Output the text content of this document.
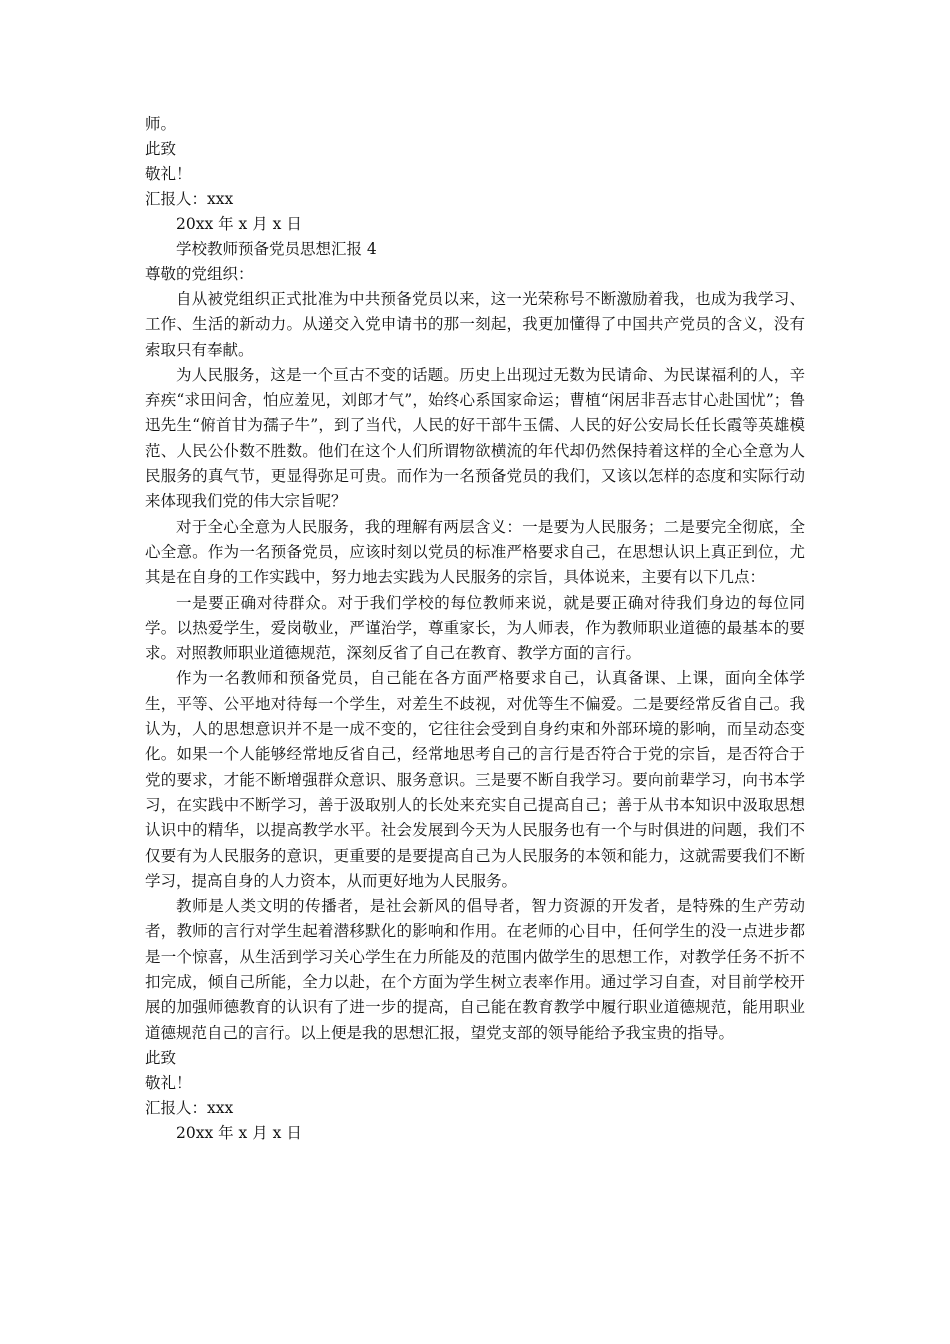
师。
此致
敬礼！
汇报人：xxx
20xx 年 x 月 x 日
学校教师预备党员思想汇报 4
尊敬的党组织：

自从被党组织正式批准为中共预备党员以来，这一光荣称号不断激励着我，也成为我学习、工作、生活的新动力。从递交入党申请书的那一刻起，我更加懂得了中国共产党员的含义，没有索取只有奉献。

为人民服务，这是一个亘古不变的话题。历史上出现过无数为民请命、为民谋福利的人，辛弃疾“求田问舍，怕应羞见，刘郎才气”，始终心系国家命运；曹植“闲居非吾志甘心赴国忧”；鲁迅先生“俯首甘为孺子牛”，到了当代，人民的好干部牛玉儒、人民的好公安局长任长霞等英雄模范、人民公仆数不胜数。他们在这个人们所谓物欲横流的年代却仍然保持着这样的全心全意为人民服务的真气节，更显得弥足可贵。而作为一名预备党员的我们，又该以怎样的态度和实际行动来体现我们党的伟大宗旨呢？

对于全心全意为人民服务，我的理解有两层含义：一是要为人民服务；二是要完全彻底，全心全意。作为一名预备党员，应该时刻以党员的标准严格要求自己，在思想认识上真正到位，尤其是在自身的工作实践中，努力地去实践为人民服务的宗旨，具体说来，主要有以下几点：

一是要正确对待群众。对于我们学校的每位教师来说，就是要正确对待我们身边的每位同学。以热爱学生，爱岗敬业，严谨治学，尊重家长，为人师表，作为教师职业道德的最基本的要求。对照教师职业道德规范，深刻反省了自己在教育、教学方面的言行。

作为一名教师和预备党员，自己能在各方面严格要求自己，认真备课、上课，面向全体学生，平等、公平地对待每一个学生，对差生不歧视，对优等生不偏爱。二是要经常反省自己。我认为，人的思想意识并不是一成不变的，它往往会受到自身约束和外部环境的影响，而呈动态变化。如果一个人能够经常地反省自己，经常地思考自己的言行是否符合于党的宗旨，是否符合于党的要求，才能不断增强群众意识、服务意识。三是要不断自我学习。要向前辈学习，向书本学习，在实践中不断学习，善于汲取别人的长处来充实自己提高自己；善于从书本知识中汲取思想认识中的精华，以提高教学水平。社会发展到今天为人民服务也有一个与时俱进的问题，我们不仅要有为人民服务的意识，更重要的是要提高自己为人民服务的本领和能力，这就需要我们不断学习，提高自身的人力资本，从而更好地为人民服务。

教师是人类文明的传播者，是社会新风的倡导者，智力资源的开发者，是特殊的生产劳动者，教师的言行对学生起着潜移默化的影响和作用。在老师的心目中，任何学生的没一点进步都是一个惊喜，从生活到学习关心学生在力所能及的范围内做学生的思想工作，对教学任务不折不扣完成，倾自己所能，全力以赴，在个方面为学生树立表率作用。通过学习自查，对目前学校开展的加强师德教育的认识有了进一步的提高，自己能在教育教学中履行职业道德规范，能用职业道德规范自己的言行。以上便是我的思想汇报，望党支部的领导能给予我宝贵的指导。

此致
敬礼！
汇报人：xxx
20xx 年 x 月 x 日
